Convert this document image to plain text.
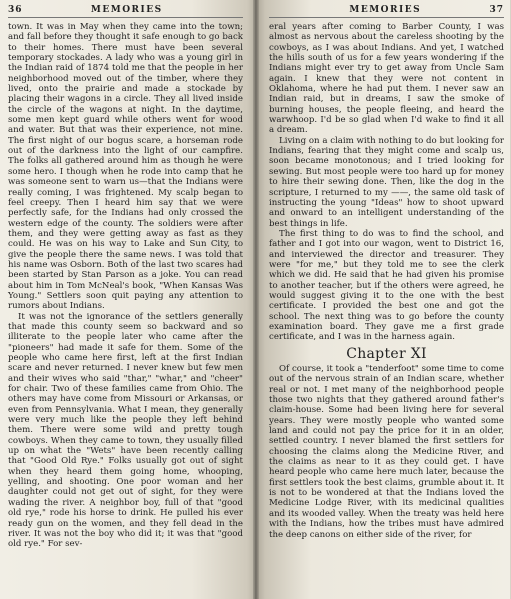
36	MEMORIES

town. It was in May when they came into the town; and fall before they thought it safe enough to go back to their homes. There must have been several temporary stockades. A lady who was a young girl in the Indian raid of 1874 told me that the people in her neighborhood moved out of the timber, where they lived, onto the prairie and made a stockade by placing their wagons in a circle. They all lived inside the circle of the wagons at night. In the daytime, some men kept guard while others went for wood and water. But that was their experience, not mine. The first night of our bogus scare, a horseman rode out of the darkness into the light of our campfire. The folks all gathered around him as though he were some hero. I though when he rode into camp that he was someone sent to warn us—that the Indians were really coming, I was frightened. My scalp began to feel creepy. Then I heard him say that we were perfectly safe, for the Indians had only crossed the western edge of the county. The soldiers were after them, and they were getting away as fast as they could. He was on his way to Lake and Sun City, to give the people there the same news. I was told that his name was Osborn. Both of the last two scares had been started by Stan Parson as a joke. You can read about him in Tom McNeal's book, "When Kansas Was Young." Settlers soon quit paying any attention to rumors about Indians.

It was not the ignorance of the settlers generally that made this county seem so backward and so illiterate to the people later who came after the "pioneers" had made it safe for them. Some of the people who came here first, left at the first Indian scare and never returned. I never knew but few men and their wives who said "thar," "whar," and "cheer" for chair. Two of these families came from Ohio. The others may have come from Missouri or Arkansas, or even from Pennsylvania. What I mean, they generally were very much like the people they left behind them. There were some wild and pretty tough cowboys. When they came to town, they usually filled up on what the "Wets" have been recently calling that "Good Old Rye." Folks usually got out of sight when they heard them going home, whooping, yelling, and shooting. One poor woman and her daughter could not get out of sight, for they were wading the river. A neighbor boy, full of that "good old rye," rode his horse to drink. He pulled his ever ready gun on the women, and they fell dead in the river. It was not the boy who did it; it was that "good old rye." For sev-

MEMORIES	37

eral years after coming to Barber County, I was almost as nervous about the careless shooting by the cowboys, as I was about Indians. And yet, I watched the hills south of us for a few years wondering if the Indians might ever try to get away from Uncle Sam again. I knew that they were not content in Oklahoma, where he had put them. I never saw an Indian raid, but in dreams, I saw the smoke of burning houses, the people fleeing, and heard the warwhoop. I'd be so glad when I'd wake to find it all a dream.

Living on a claim with nothing to do but looking for Indians, fearing that they might come and scalp us, soon became monotonous; and I tried looking for sewing. But most people were too hard up for money to hire their sewing done. Then, like the dog in the scripture, I returned to my ——, the same old task of instructing the young "Ideas" how to shoot upward and onward to an intelligent understanding of the best things in life.

The first thing to do was to find the school, and father and I got into our wagon, went to District 16, and interviewed the director and treasurer. They were "for me," but they told me to see the clerk which we did. He said that he had given his promise to another teacher, but if the others were agreed, he would suggest giving it to the one with the best certificate. I provided the best one and got the school. The next thing was to go before the county examination board. They gave me a first grade certificate, and I was in the harness again.

Chapter XI

Of course, it took a "tenderfoot" some time to come out of the nervous strain of an Indian scare, whether real or not. I met many of the neighborhood people those two nights that they gathered around father's claim-house. Some had been living here for several years. They were mostly people who wanted some land and could not pay the price for it in an older, settled country. I never blamed the first settlers for choosing the claims along the Medicine River, and the claims as near to it as they could get. I have heard people who came here much later, because the first settlers took the best claims, grumble about it. It is not to be wondered at that the Indians loved the Medicine Lodge River, with its medicinal qualities and its wooded valley. When the treaty was held here with the Indians, how the tribes must have admired the deep canons on either side of the river, for
